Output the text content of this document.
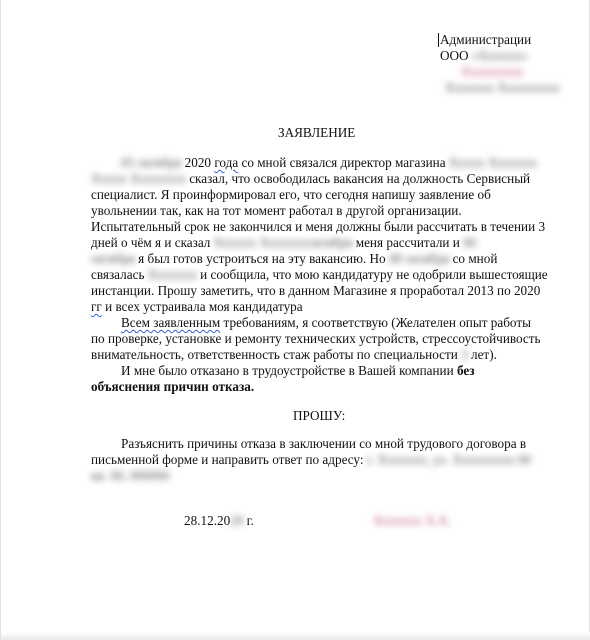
Администрации
ООО «Xxxxxx»
Xxxxxxxxx
Xxxxxxx Xxxxxxxxx
ЗАЯВЛЕНИЕ
05 октября 2020 года со мной связался директор магазина Xxxxx Xxxxxxx
Xxxxx Xxxxxxxx сказал, что освободилась вакансия на должность Сервисный
специалист. Я проинформировал его, что сегодня напишу заявление об
увольнении так, как на тот момент работал в другой организации.
Испытательный срок не закончился и меня должны были рассчитать в течении 3
дней о чём я и сказал Xxxxxx Xxxxxxxоктября меня рассчитали и 00
октября я был готов устроиться на эту вакансию. Но 00 октября со мной
связалась Xxxxxxx и сообщила, что мою кандидатуру не одобрили вышестоящие
инстанции. Прошу заметить, что в данном Магазине я проработал 2013 по 2020
гг и всех устраивала моя кандидатура
Всем заявленным требованиям, я соответствую (Желателен опыт работы
по проверке, установке и ремонту технических устройств, стрессоустойчивость
внимательность, ответственность стаж работы по специальности 3 лет).
И мне было отказано в трудоустройстве в Вашей компании без
объяснения причин отказа.
ПРОШУ:
Разъяснить причины отказа в заключении со мной трудового договора в
письменной форме и направить ответ по адресу: г. Xxxxxxx, ул. Xxxxxxxxx 00
кв. 00, 000000
28.12.2020 г.	Xxxxxxx X.X.
